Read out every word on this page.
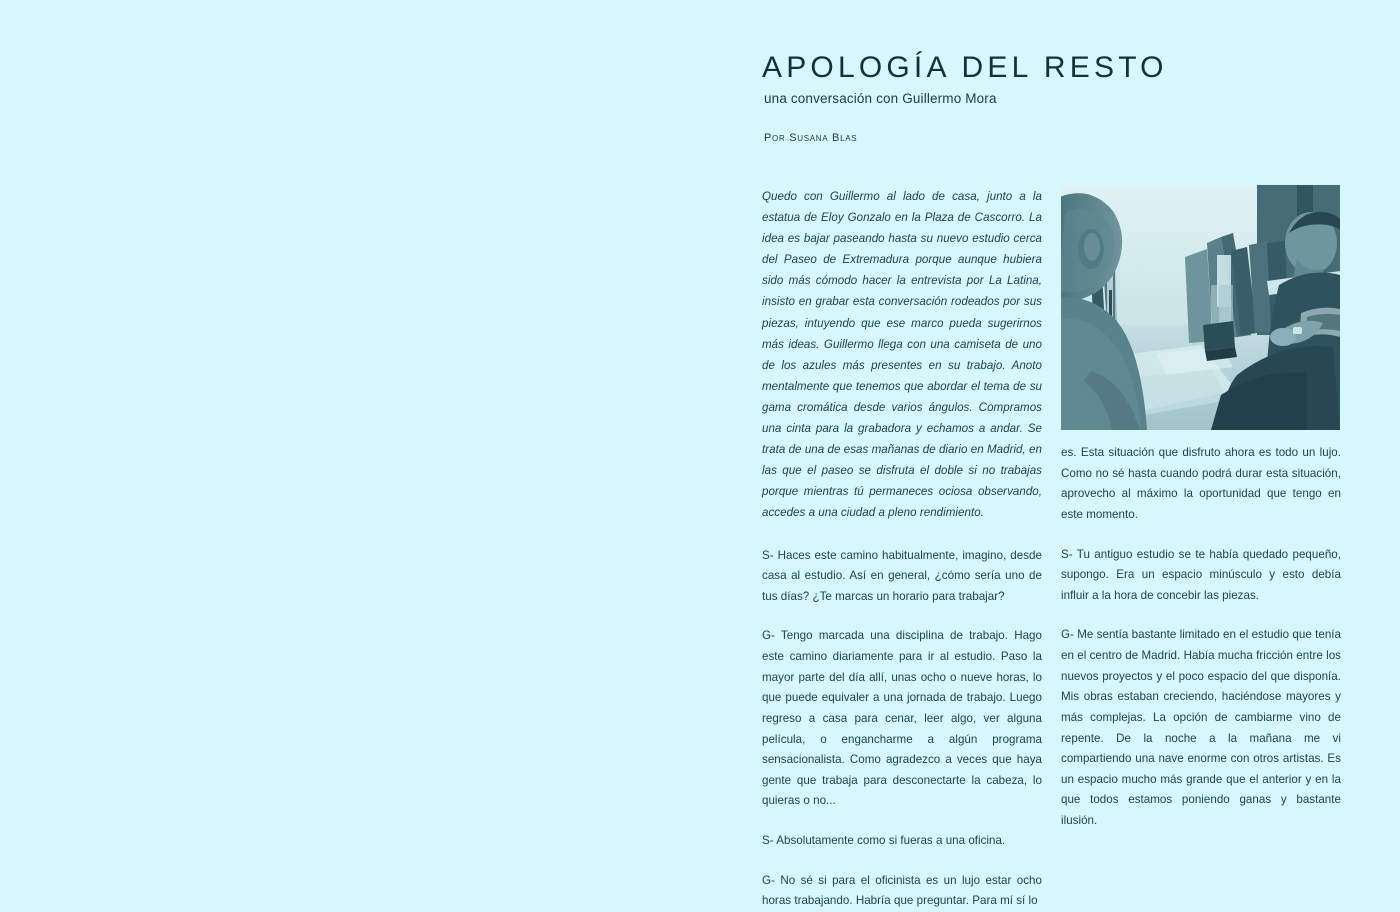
APOLOGÍA DEL RESTO
una conversación con Guillermo Mora
Por Susana Blas

Quedo con Guillermo al lado de casa, junto a la estatua de Eloy Gonzalo en la Plaza de Cascorro. La idea es bajar paseando hasta su nuevo estudio cerca del Paseo de Extremadura porque aunque hubiera sido más cómodo hacer la entrevista por La Latina, insisto en grabar esta conversación rodeados por sus piezas, intuyendo que ese marco pueda sugerirnos más ideas. Guillermo llega con una camiseta de uno de los azules más presentes en su trabajo. Anoto mentalmente que tenemos que abordar el tema de su gama cromática desde varios ángulos. Compramos una cinta para la grabadora y echamos a andar. Se trata de una de esas mañanas de diario en Madrid, en las que el paseo se disfruta el doble si no trabajas porque mientras tú permaneces ociosa observando, accedes a una ciudad a pleno rendimiento.

S- Haces este camino habitualmente, imagino, desde casa al estudio. Así en general, ¿cómo sería uno de tus días? ¿Te marcas un horario para trabajar?

G- Tengo marcada una disciplina de trabajo. Hago este camino diariamente para ir al estudio. Paso la mayor parte del día allí, unas ocho o nueve horas, lo que puede equivaler a una jornada de trabajo. Luego regreso a casa para cenar, leer algo, ver alguna película, o engancharme a algún programa sensacionalista. Como agradezco a veces que haya gente que trabaja para desconectarte la cabeza, lo quieras o no...

S- Absolutamente como si fueras a una oficina.

G- No sé si para el oficinista es un lujo estar ocho horas trabajando. Habría que preguntar. Para mí sí lo

es. Esta situación que disfruto ahora es todo un lujo. Como no sé hasta cuando podrá durar esta situación, aprovecho al máximo la oportunidad que tengo en este momento.

S- Tu antiguo estudio se te había quedado pequeño, supongo. Era un espacio minúsculo y esto debía influir a la hora de concebir las piezas.

G- Me sentía bastante limitado en el estudio que tenía en el centro de Madrid. Había mucha fricción entre los nuevos proyectos y el poco espacio del que disponía. Mis obras estaban creciendo, haciéndose mayores y más complejas. La opción de cambiarme vino de repente. De la noche a la mañana me vi compartiendo una nave enorme con otros artistas. Es un espacio mucho más grande que el anterior y en la que todos estamos poniendo ganas y bastante ilusión.
